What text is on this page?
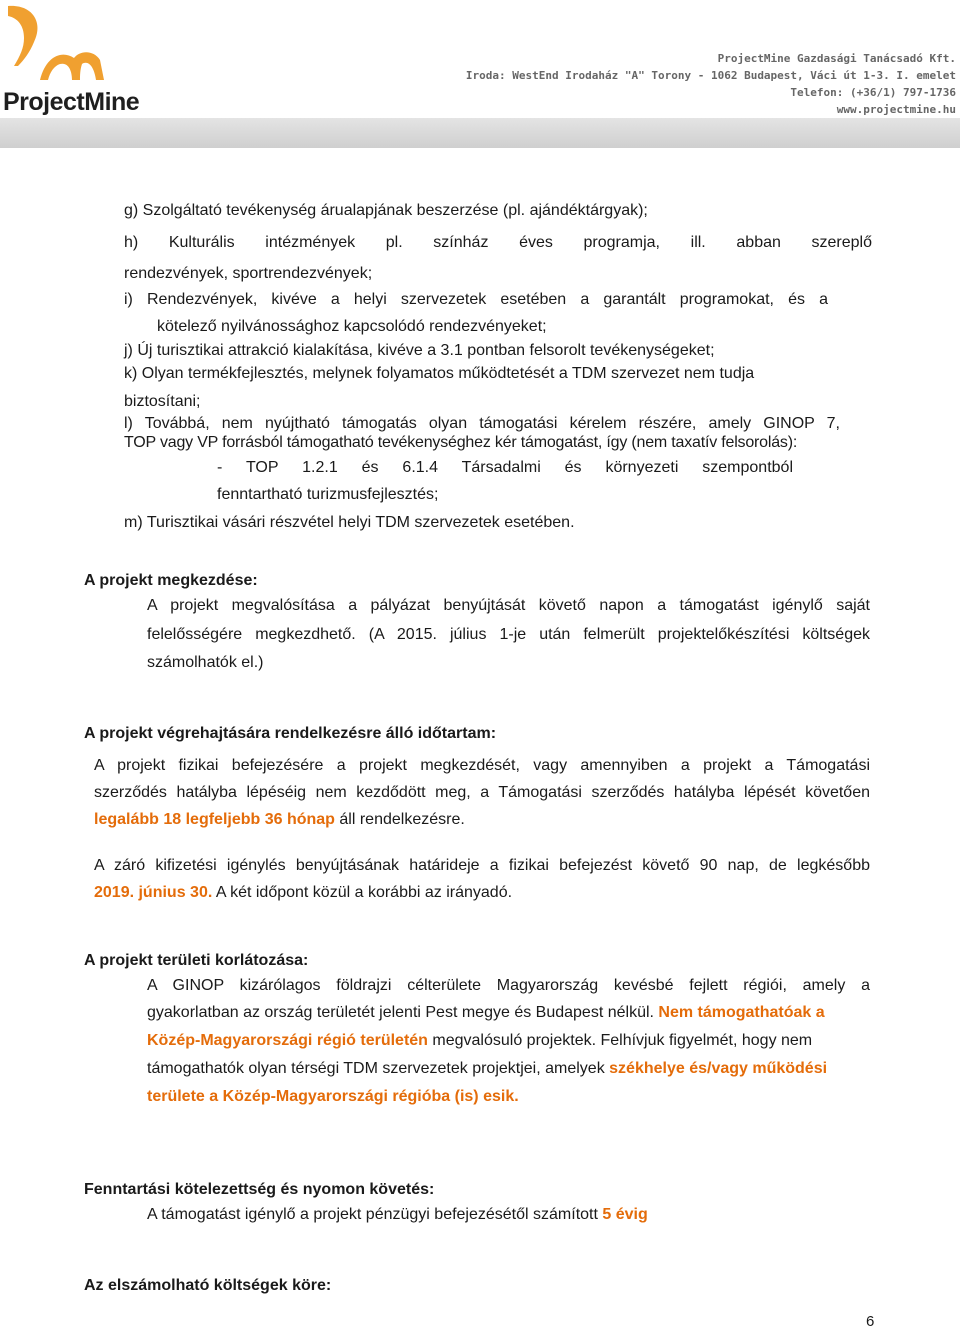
ProjectMine
ProjectMine Gazdasági Tanácsadó Kft.
Iroda: WestEnd Irodaház "A" Torony - 1062 Budapest, Váci út 1-3. I. emelet
Telefon: (+36/1) 797-1736
www.projectmine.hu
g) Szolgáltató tevékenység árualapjának beszerzése (pl. ajándéktárgyak);
h) Kulturális intézmények pl. színház éves programja, ill. abban szereplő
rendezvények, sportrendezvények;
i) Rendezvények, kivéve a helyi szervezetek esetében a garantált programokat, és a
kötelező nyilvánossághoz kapcsolódó rendezvényeket;
j) Új turisztikai attrakció kialakítása, kivéve a 3.1 pontban felsorolt tevékenységeket;
k) Olyan termékfejlesztés, melynek folyamatos működtetését a TDM szervezet nem tudja
biztosítani;
l) Továbbá, nem nyújtható támogatás olyan támogatási kérelem részére, amely GINOP 7,
TOP vagy VP forrásból támogatható tevékenységhez kér támogatást, így (nem taxatív felsorolás):
- TOP 1.2.1 és 6.1.4 Társadalmi és környezeti szempontból
fenntartható turizmusfejlesztés;
m) Turisztikai vásári részvétel helyi TDM szervezetek esetében.
A projekt megkezdése:
A projekt megvalósítása a pályázat benyújtását követő napon a támogatást igénylő saját
felelősségére megkezdhető. (A 2015. július 1-je után felmerült projektelőkészítési költségek
számolhatók el.)
A projekt végrehajtására rendelkezésre álló időtartam:
A projekt fizikai befejezésére a projekt megkezdését, vagy amennyiben a projekt a Támogatási
szerződés hatályba lépéséig nem kezdődött meg, a Támogatási szerződés hatályba lépését követően
legalább 18 legfeljebb 36 hónap áll rendelkezésre.
A záró kifizetési igénylés benyújtásának határideje a fizikai befejezést követő 90 nap, de legkésőbb
2019. június 30. A két időpont közül a korábbi az irányadó.
A projekt területi korlátozása:
A GINOP kizárólagos földrajzi célterülete Magyarország kevésbé fejlett régiói, amely a
gyakorlatban az ország területét jelenti Pest megye és Budapest nélkül. Nem támogathatóak a
Közép-Magyarországi régió területén megvalósuló projektek. Felhívjuk figyelmét, hogy nem
támogathatók olyan térségi TDM szervezetek projektjei, amelyek székhelye és/vagy működési
területe a Közép-Magyarországi régióba (is) esik.
Fenntartási kötelezettség és nyomon követés:
A támogatást igénylő a projekt pénzügyi befejezésétől számított 5 évig
Az elszámolható költségek köre:
6
